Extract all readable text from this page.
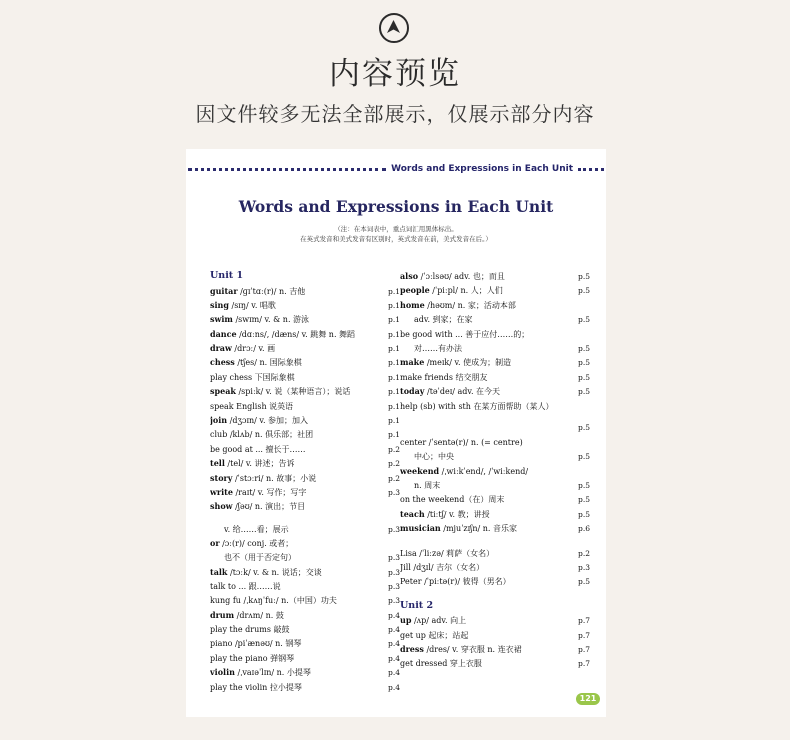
内容预览
因文件较多无法全部展示，仅展示部分内容
Words and Expressions in Each Unit
Words and Expressions in Each Unit
（注：在本词表中，重点词汇用黑体标出。
在英式发音和美式发音有区别时，英式发音在前，美式发音在后。）
Unit 1
guitar /ɡɪˈtɑː(r)/ n. 吉他	p.1
sing /sɪŋ/ v. 唱歌	p.1
swim /swɪm/ v. & n. 游泳	p.1
dance /dɑːns/, /dæns/ v. 跳舞 n. 舞蹈	p.1
draw /drɔː/ v. 画	p.1
chess /tʃes/ n. 国际象棋	p.1
play chess 下国际象棋	p.1
speak /spiːk/ v. 说（某种语言）；说话	p.1
speak English 说英语	p.1
join /dʒɔɪn/ v. 参加；加入	p.1
club /klʌb/ n. 俱乐部；社团	p.1
be good at ... 擅长于……	p.2
tell /tel/ v. 讲述；告诉	p.2
story /ˈstɔːri/ n. 故事；小说	p.2
write /raɪt/ v. 写作；写字	p.3
show /ʃəʊ/ n. 演出；节目
v. 给……看；展示	p.3
or /ɔː(r)/ conj. 或者；
也不（用于否定句）	p.3
talk /tɔːk/ v. & n. 说话；交谈	p.3
talk to ... 跟……说	p.3
kung fu /ˌkʌŋˈfuː/ n.（中国）功夫	p.3
drum /drʌm/ n. 鼓	p.4
play the drums 敲鼓	p.4
piano /piˈænəʊ/ n. 钢琴	p.4
play the piano 弹钢琴	p.4
violin /ˌvaɪəˈlɪn/ n. 小提琴	p.4
play the violin 拉小提琴	p.4
also /ˈɔːlsəʊ/ adv. 也；而且	p.5
people /ˈpiːpl/ n. 人；人们	p.5
home /həʊm/ n. 家；活动本部
adv. 到家；在家	p.5
be good with ... 善于应付……的；
对……有办法	p.5
make /meɪk/ v. 使成为；制造	p.5
make friends 结交朋友	p.5
today /təˈdeɪ/ adv. 在今天	p.5
help (sb) with sth 在某方面帮助（某人）
p.5
center /ˈsentə(r)/ n. (= centre)
中心；中央	p.5
weekend /ˌwiːkˈend/, /ˈwiːkend/
n. 周末	p.5
on the weekend（在）周末	p.5
teach /tiːtʃ/ v. 教；讲授	p.5
musician /mjuˈzɪʃn/ n. 音乐家	p.6
Lisa /ˈliːzə/ 莉萨（女名）	p.2
Jill /dʒɪl/ 吉尔（女名）	p.3
Peter /ˈpiːtə(r)/ 彼得（男名）	p.5
Unit 2
up /ʌp/ adv. 向上	p.7
get up 起床；站起	p.7
dress /dres/ v. 穿衣服 n. 连衣裙	p.7
get dressed 穿上衣服	p.7
121
